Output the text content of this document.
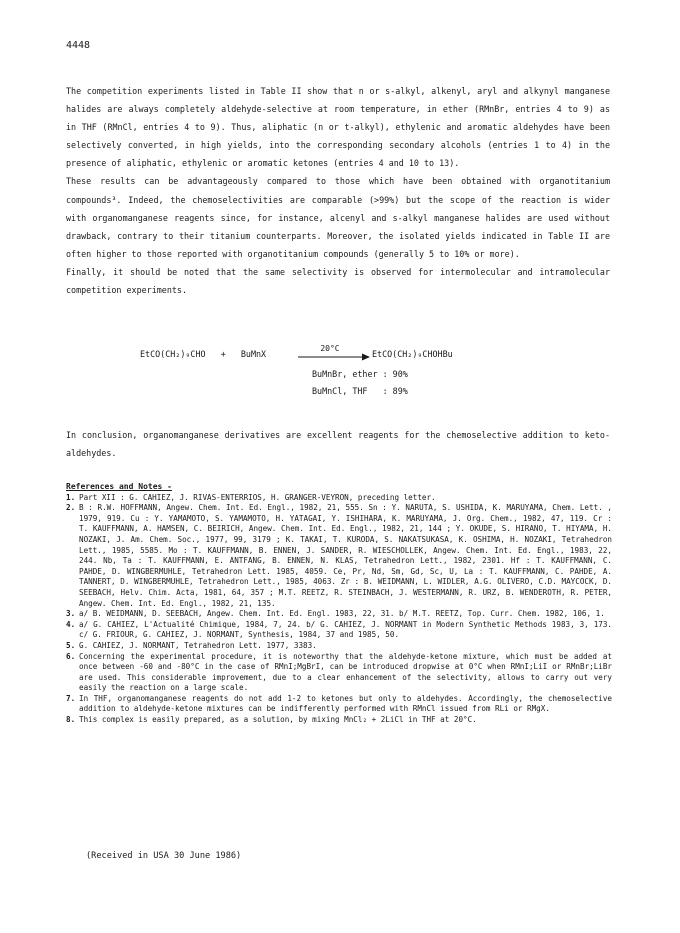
4448

The competition experiments listed in Table II show that n or s-alkyl, alkenyl, aryl and alkynyl manganese halides are always completely aldehyde-selective at room temperature, in ether (RMnBr, entries 4 to 9) as in THF (RMnCl, entries 4 to 9). Thus, aliphatic (n or t-alkyl), ethylenic and aromatic aldehydes have been selectively converted, in high yields, into the corresponding secondary alcohols (entries 1 to 4) in the presence of aliphatic, ethylenic or aromatic ketones (entries 4 and 10 to 13).

These results can be advantageously compared to those which have been obtained with organotitanium compounds³. Indeed, the chemoselectivities are comparable (>99%) but the scope of the reaction is wider with organomanganese reagents since, for instance, alcenyl and s-alkyl manganese halides are used without drawback, contrary to their titanium counterparts. Moreover, the isolated yields indicated in Table II are often higher to those reported with organotitanium compounds (generally 5 to 10% or more).

Finally, it should be noted that the same selectivity is observed for intermolecular and intramolecular competition experiments.

EtCO(CH₂)₉CHO + BuMnX
20°C
EtCO(CH₂)₉CHOHBu
BuMnBr, ether : 90%
BuMnCl, THF   : 89%

In conclusion, organomanganese derivatives are excellent reagents for the chemoselective addition to keto-aldehydes.

References and Notes -
1. Part XII : G. CAHIEZ, J. RIVAS-ENTERRIOS, H. GRANGER-VEYRON, preceding letter.
2. B : R.W. HOFFMANN, Angew. Chem. Int. Ed. Engl., 1982, 21, 555. Sn : Y. NARUTA, S. USHIDA, K. MARUYAMA, Chem. Lett. , 1979, 919. Cu : Y. YAMAMOTO, S. YAMAMOTO, H. YATAGAI, Y. ISHIHARA, K. MARUYAMA, J. Org. Chem., 1982, 47, 119. Cr : T. KAUFFMANN, A. HAMSEN, C. BEIRICH, Angew. Chem. Int. Ed. Engl., 1982, 21, 144 ; Y. OKUDE, S. HIRANO, T. HIYAMA, H. NOZAKI, J. Am. Chem. Soc., 1977, 99, 3179 ; K. TAKAI, T. KURODA, S. NAKATSUKASA, K. OSHIMA, H. NOZAKI, Tetrahedron Lett., 1985, 5585. Mo : T. KAUFFMANN, B. ENNEN, J. SANDER, R. WIESCHOLLEK, Angew. Chem. Int. Ed. Engl., 1983, 22, 244. Nb, Ta : T. KAUFFMANN, E. ANTFANG, B. ENNEN, N. KLAS, Tetrahedron Lett., 1982, 2301. Hf : T. KAUFFMANN, C. PAHDE, D. WINGBERMUHLE, Tetrahedron Lett. 1985, 4059. Ce, Pr, Nd, Sm, Gd, Sc, U, La : T. KAUFFMANN, C. PAHDE, A. TANNERT, D. WINGBERMUHLE, Tetrahedron Lett., 1985, 4063. Zr : B. WEIDMANN, L. WIDLER, A.G. OLIVERO, C.D. MAYCOCK, D. SEEBACH, Helv. Chim. Acta, 1981, 64, 357 ; M.T. REETZ, R. STEINBACH, J. WESTERMANN, R. URZ, B. WENDEROTH, R. PETER, Angew. Chem. Int. Ed. Engl., 1982, 21, 135.
3. a/ B. WEIDMANN, D. SEEBACH, Angew. Chem. Int. Ed. Engl. 1983, 22, 31. b/ M.T. REETZ, Top. Curr. Chem. 1982, 106, 1.
4. a/ G. CAHIEZ, L'Actualité Chimique, 1984, 7, 24. b/ G. CAHIEZ, J. NORMANT in Modern Synthetic Methods 1983, 3, 173. c/ G. FRIOUR, G. CAHIEZ, J. NORMANT, Synthesis, 1984, 37 and 1985, 50.
5. G. CAHIEZ, J. NORMANT, Tetrahedron Lett. 1977, 3383.
6. Concerning the experimental procedure, it is noteworthy that the aldehyde-ketone mixture, which must be added at once between -60 and -80°C in the case of RMnI;MgBrI, can be introduced dropwise at 0°C when RMnI;LiI or RMnBr;LiBr are used. This considerable improvement, due to a clear enhancement of the selectivity, allows to carry out very easily the reaction on a large scale.
7. In THF, organomanganese reagents do not add 1-2 to ketones but only to aldehydes. Accordingly, the chemoselective addition to aldehyde-ketone mixtures can be indifferently performed with RMnCl issued from RLi or RMgX.
8. This complex is easily prepared, as a solution, by mixing MnCl₂ + 2LiCl in THF at 20°C.
(Received in USA 30 June 1986)
